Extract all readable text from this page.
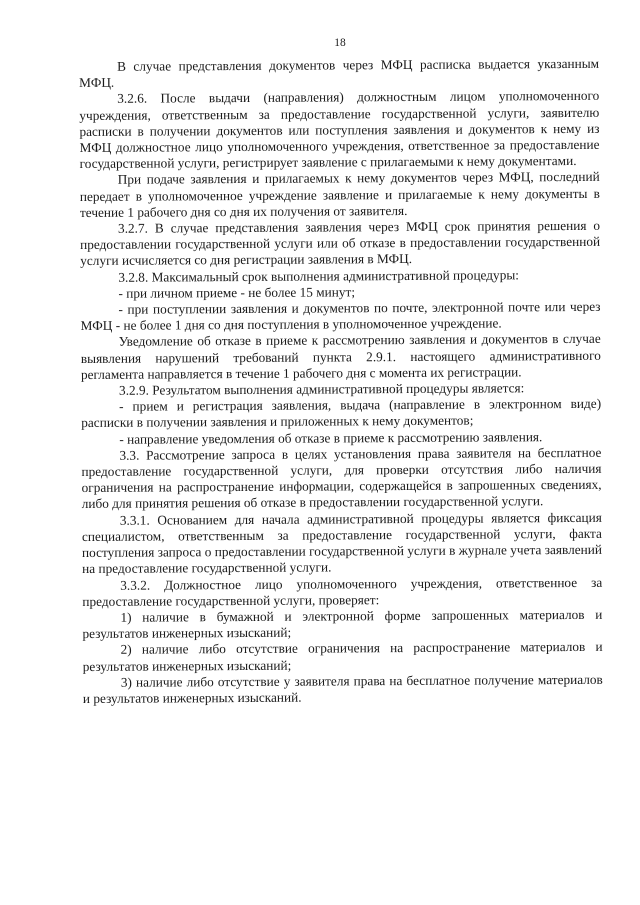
18

В случае представления документов через МФЦ расписка выдается указанным МФЦ.

3.2.6. После выдачи (направления) должностным лицом уполномоченного учреждения, ответственным за предоставление государственной услуги, заявителю расписки в получении документов или поступления заявления и документов к нему из МФЦ должностное лицо уполномоченного учреждения, ответственное за предоставление государственной услуги, регистрирует заявление с прилагаемыми к нему документами.

При подаче заявления и прилагаемых к нему документов через МФЦ, последний передает в уполномоченное учреждение заявление и прилагаемые к нему документы в течение 1 рабочего дня со дня их получения от заявителя.

3.2.7. В случае представления заявления через МФЦ срок принятия решения о предоставлении государственной услуги или об отказе в предоставлении государственной услуги исчисляется со дня регистрации заявления в МФЦ.

3.2.8. Максимальный срок выполнения административной процедуры:

- при личном приеме - не более 15 минут;

- при поступлении заявления и документов по почте, электронной почте или через МФЦ - не более 1 дня со дня поступления в уполномоченное учреждение.

Уведомление об отказе в приеме к рассмотрению заявления и документов в случае выявления нарушений требований пункта 2.9.1. настоящего административного регламента направляется в течение 1 рабочего дня с момента их регистрации.

3.2.9. Результатом выполнения административной процедуры является:

- прием и регистрация заявления, выдача (направление в электронном виде) расписки в получении заявления и приложенных к нему документов;

- направление уведомления об отказе в приеме к рассмотрению заявления.

3.3. Рассмотрение запроса в целях установления права заявителя на бесплатное предоставление государственной услуги, для проверки отсутствия либо наличия ограничения на распространение информации, содержащейся в запрошенных сведениях, либо для принятия решения об отказе в предоставлении государственной услуги.

3.3.1. Основанием для начала административной процедуры является фиксация специалистом, ответственным за предоставление государственной услуги, факта поступления запроса о предоставлении государственной услуги в журнале учета заявлений на предоставление государственной услуги.

3.3.2. Должностное лицо уполномоченного учреждения, ответственное за предоставление государственной услуги, проверяет:

1) наличие в бумажной и электронной форме запрошенных материалов и результатов инженерных изысканий;

2) наличие либо отсутствие ограничения на распространение материалов и результатов инженерных изысканий;

3) наличие либо отсутствие у заявителя права на бесплатное получение материалов и результатов инженерных изысканий.
